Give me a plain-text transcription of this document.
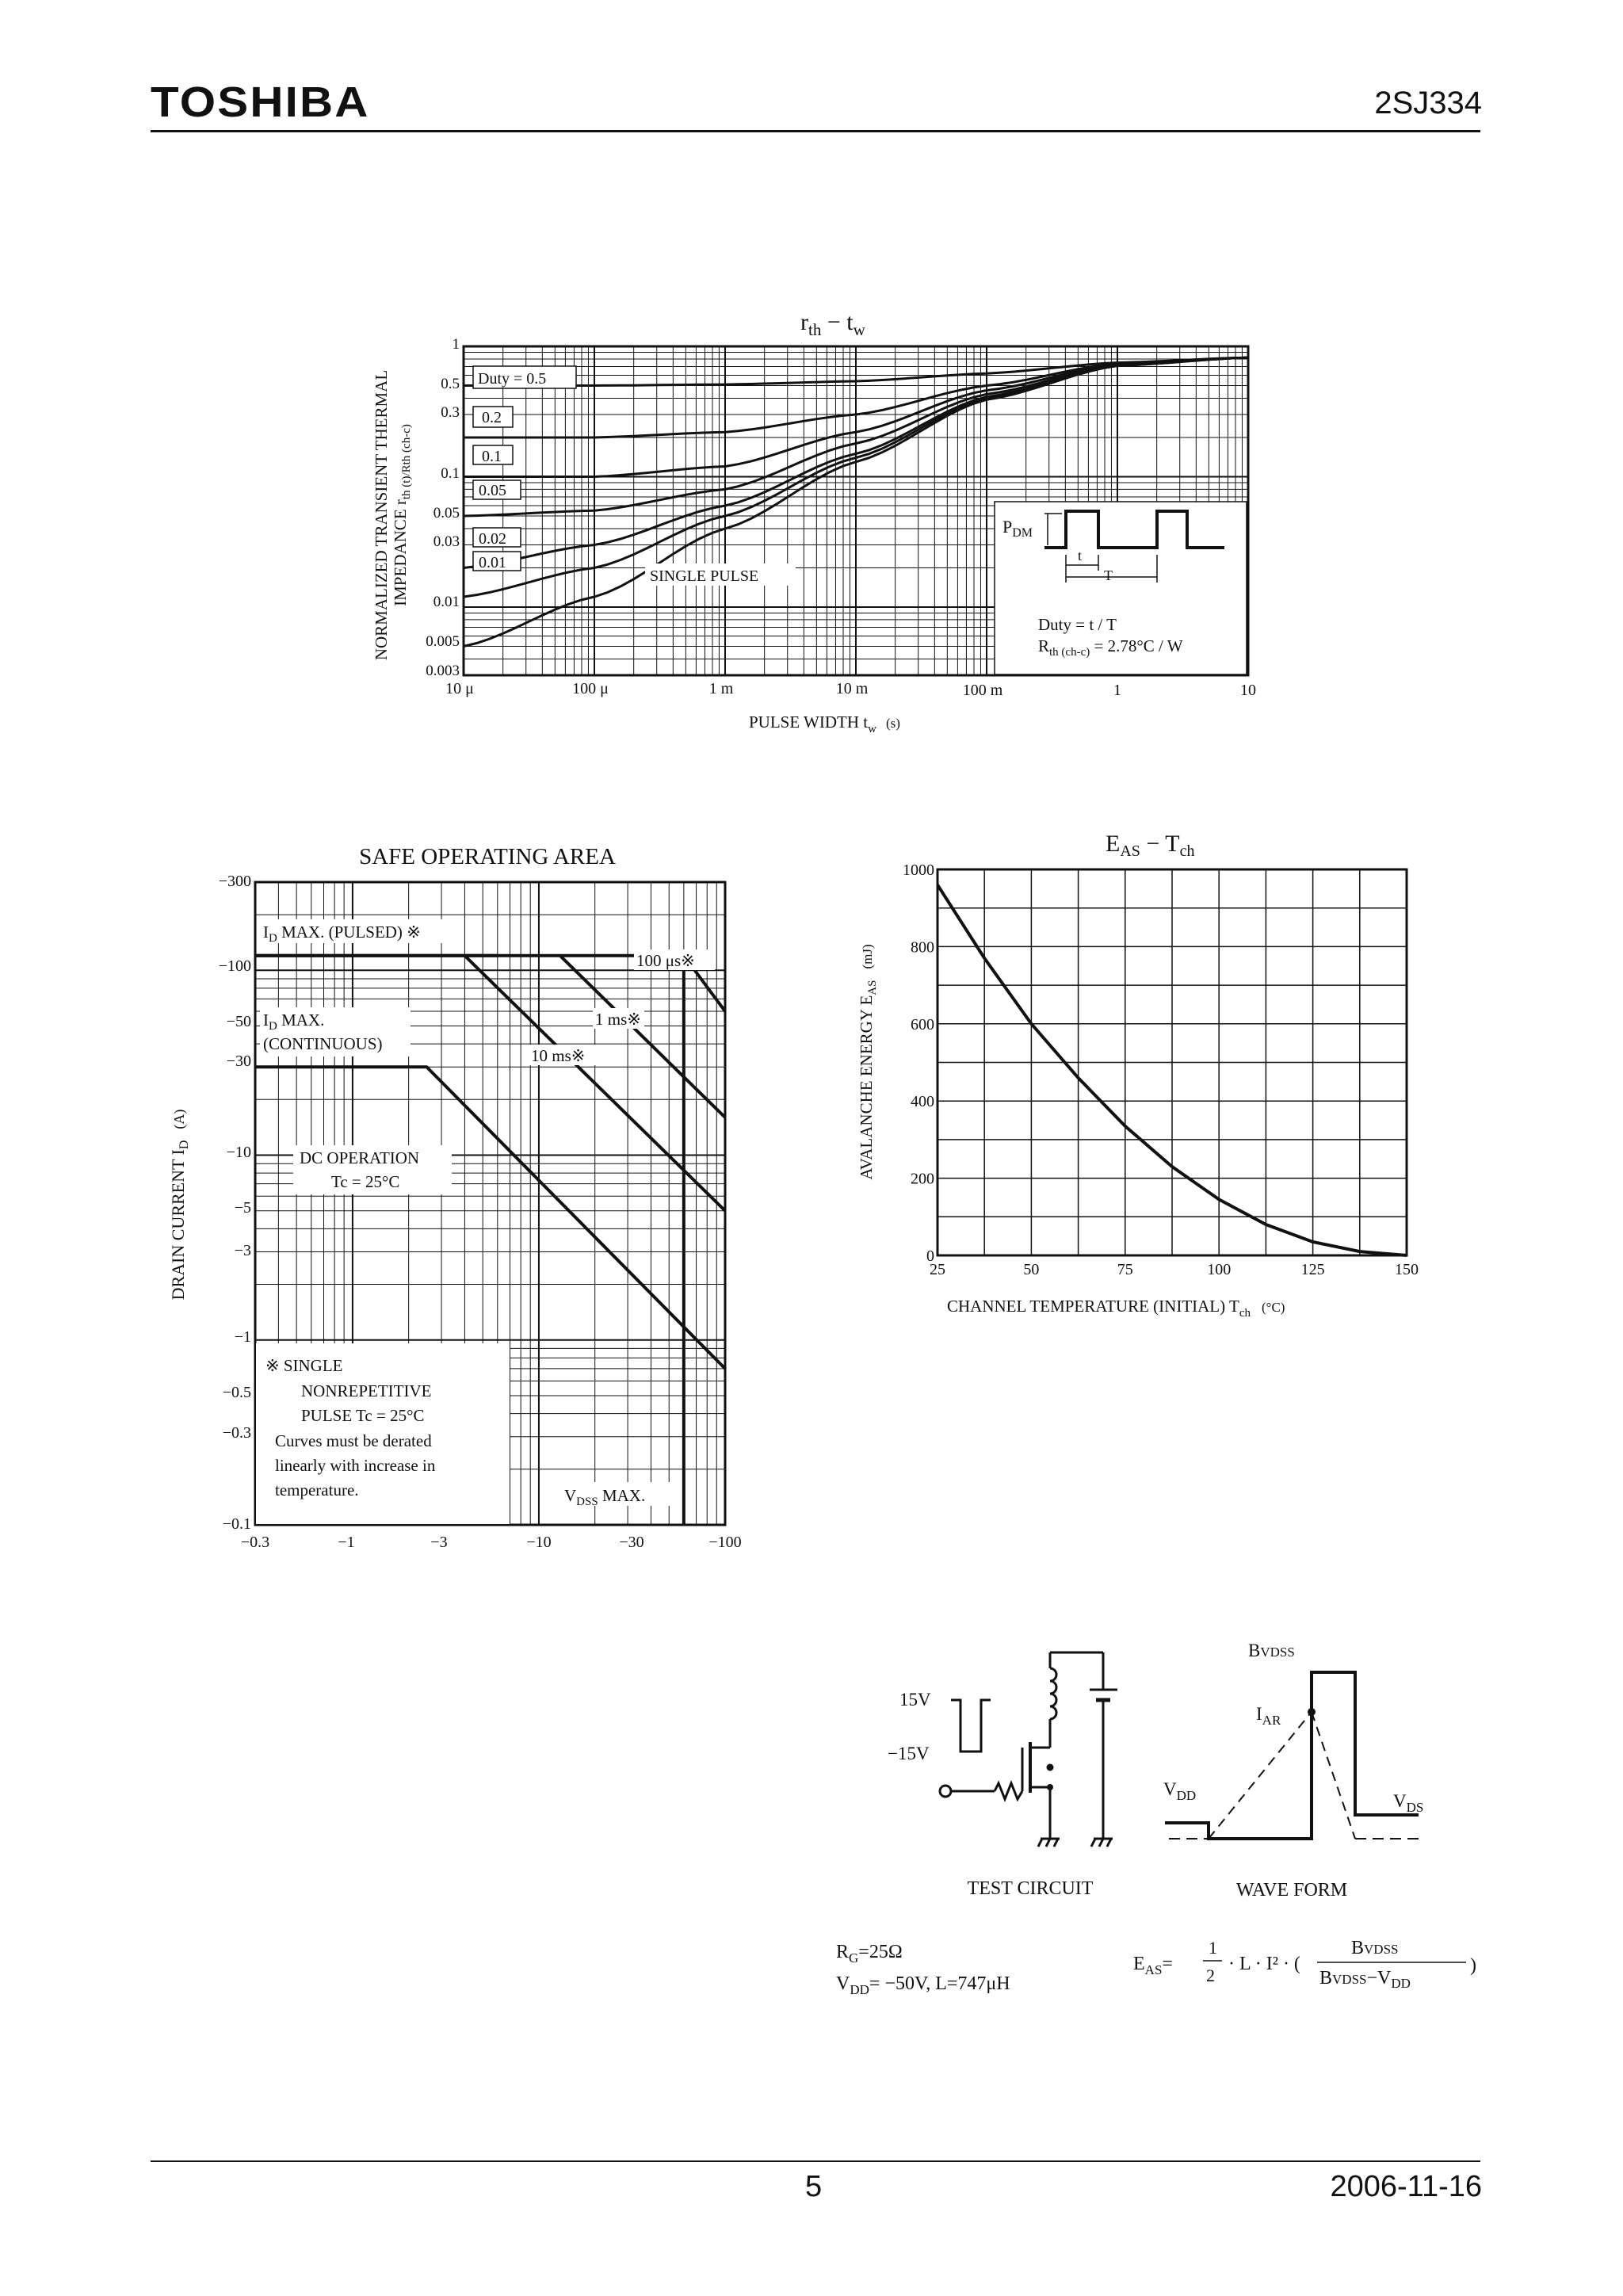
TOSHIBA	2SJ334
5	2006-11-16
$r_{th} - t_w$
1
0.5
0.3
0.1
0.05
0.03
0.01
0.005
0.003
10 μ	100 μ	1 m	10 m	100 m	1	10
PULSE WIDTH $t_w$ $^{(s)}$
NORMALIZED TRANSIENT THERMAL IMPEDANCE $r_{th (t)/R}th$ (ch-c)
Duty = 0.5
0.2
0.1
0.05
0.02
0.01
SINGLE PULSE
$P_{DM}$
t
T
Duty = t / T
$R_{th (ch-c)} = 2.78^\circ C / W$
SAFE OPERATING AREA
−300
−100
−50
−30
−10
−5
−3
−1
−0.5
−0.3
−0.1
−0.3	−1	−3	−10	−30	−100
DRAIN CURRENT $I_D^{(A)}$
$I_D$ MAX. (PULSED) ※
100 μs※
$I_D$ MAX.
(CONTINUOUS)
1 ms※
10 ms※
DC OPERATION
Tc = 25°C
※ SINGLE
NONREPETITIVE
PULSE Tc = 25°C
Curves must be derated
linearly with increase in
temperature.	$V_{DSS}$ MAX.
$E_{AS} - T_{ch}$
1000
800
600
400
200
0
25	50	75	100	125	150
CHANNEL TEMPERATURE (INITIAL) $T_{ch}$ $^{(^\circ C)}$
AVALANCHE ENERGY $E_{AS}^{(mJ)}$
15V
−15V
TEST CIRCUIT
$R_G=25\Omega$
$V_{DD}= -50V$, L=747μH
BVDSS
$I_{AR}$
$V_{DD}$	$V_{DS}$
WAVE FORM
$E_{AS}=$
1
2
· L · I² · (
BVDSS
$BVDSS-V_{DD}$
)
